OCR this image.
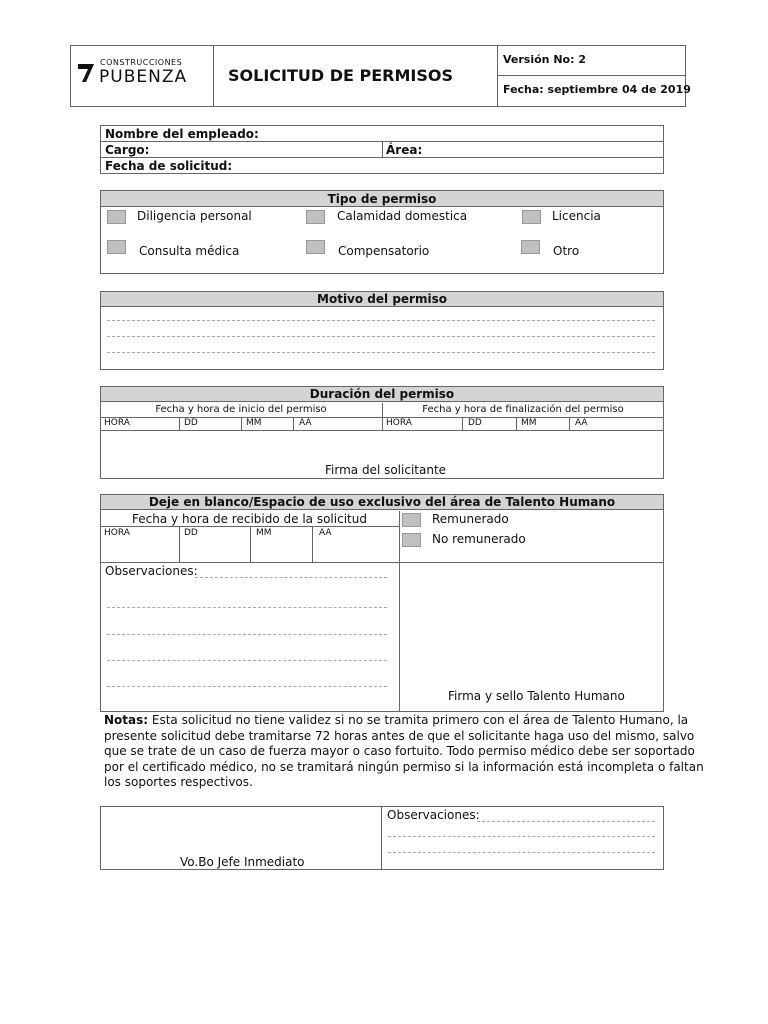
CONSTRUCCIONES
PUBENZA	SOLICITUD DE PERMISOS
Versión No: 2
Fecha: septiembre 04 de 2019
Nombre del empleado:
Cargo:	Área:
Fecha de solicitud:
Tipo de permiso
Diligencia personal	Calamidad domestica	Licencia
Consulta médica	Compensatorio	Otro
Motivo del permiso
Duración del permiso
Fecha y hora de inicio del permiso	Fecha y hora de finalización del permiso
HORA	DD	MM	AA	HORA	DD	MM	AA
Firma del solicitante
Deje en blanco/Espacio de uso exclusivo del área de Talento Humano
Fecha y hora de recibido de la solicitud
HORA	DD	MM	AA
Remunerado
No remunerado
Observaciones:
Firma y sello Talento Humano
Notas: Esta solicitud no tiene validez si no se tramita primero con el área de Talento Humano, la
presente solicitud debe tramitarse 72 horas antes de que el solicitante haga uso del mismo, salvo
que se trate de un caso de fuerza mayor o caso fortuito. Todo permiso médico debe ser soportado
por el certificado médico, no se tramitará ningún permiso si la información está incompleta o faltan
los soportes respectivos.
Vo.Bo Jefe Inmediato
Observaciones:
